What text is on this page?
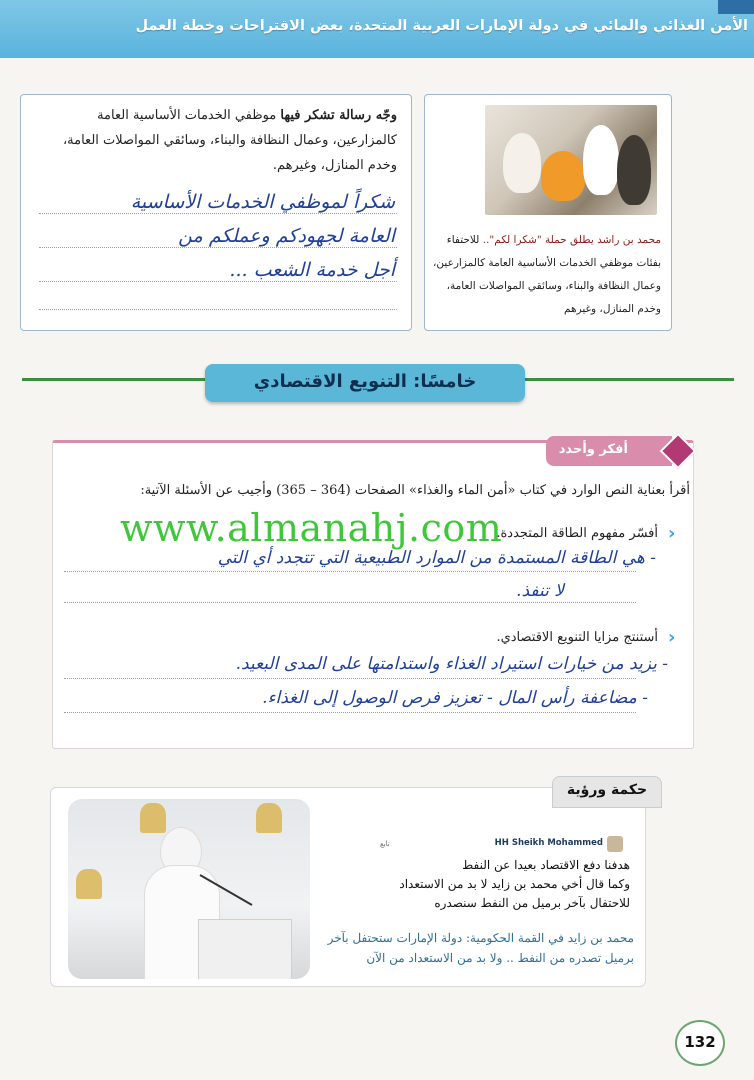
الأمن الغذائي والمائي في دولة الإمارات العربية المتحدة، بعض الاقتراحات وخطة العمل
محمد بن راشد يطلق حملة "شكرا لكم".. للاحتفاء بفئات موظفي الخدمات الأساسية العامة كالمزارعين، وعمال النظافة والبناء، وسائقي المواصلات العامة، وخدم المنازل، وغيرهم
وجّه رسالة تشكر فيها موظفي الخدمات الأساسية العامة كالمزارعين، وعمال النظافة والبناء، وسائقي المواصلات العامة، وخدم المنازل، وغيرهم.
شكراً لموظفي الخدمات الأساسية
العامة لجهودكم وعملكم من
أجل خدمة الشعب ...
خامسًا: التنويع الاقتصادي
أفكر وأحدد
أقرأ بعناية النص الوارد في كتاب «أمن الماء والغذاء» الصفحات (364 – 365) وأجيب عن الأسئلة الآتية:
www.almanahj.com	›
أفسّر مفهوم الطاقة المتجددة.
- هي الطاقة المستمدة من الموارد الطبيعية التي تتجدد أي التي
لا تنفذ.
›
أستنتج مزايا التنويع الاقتصادي.
- يزيد من خيارات استيراد الغذاء واستدامتها على المدى البعيد.
- مضاعفة رأس المال - تعزيز فرص الوصول إلى الغذاء.
حكمة ورؤية
HH Sheikh Mohammed
تابع
هدفنا دفع الاقتصاد بعيدا عن النفط
وكما قال أخي محمد بن زايد لا بد من الاستعداد
للاحتفال بآخر برميل من النفط سنصدره
محمد بن زايد في القمة الحكومية: دولة الإمارات ستحتفل بآخر برميل تصدره من النفط .. ولا بد من الاستعداد من الآن
132
